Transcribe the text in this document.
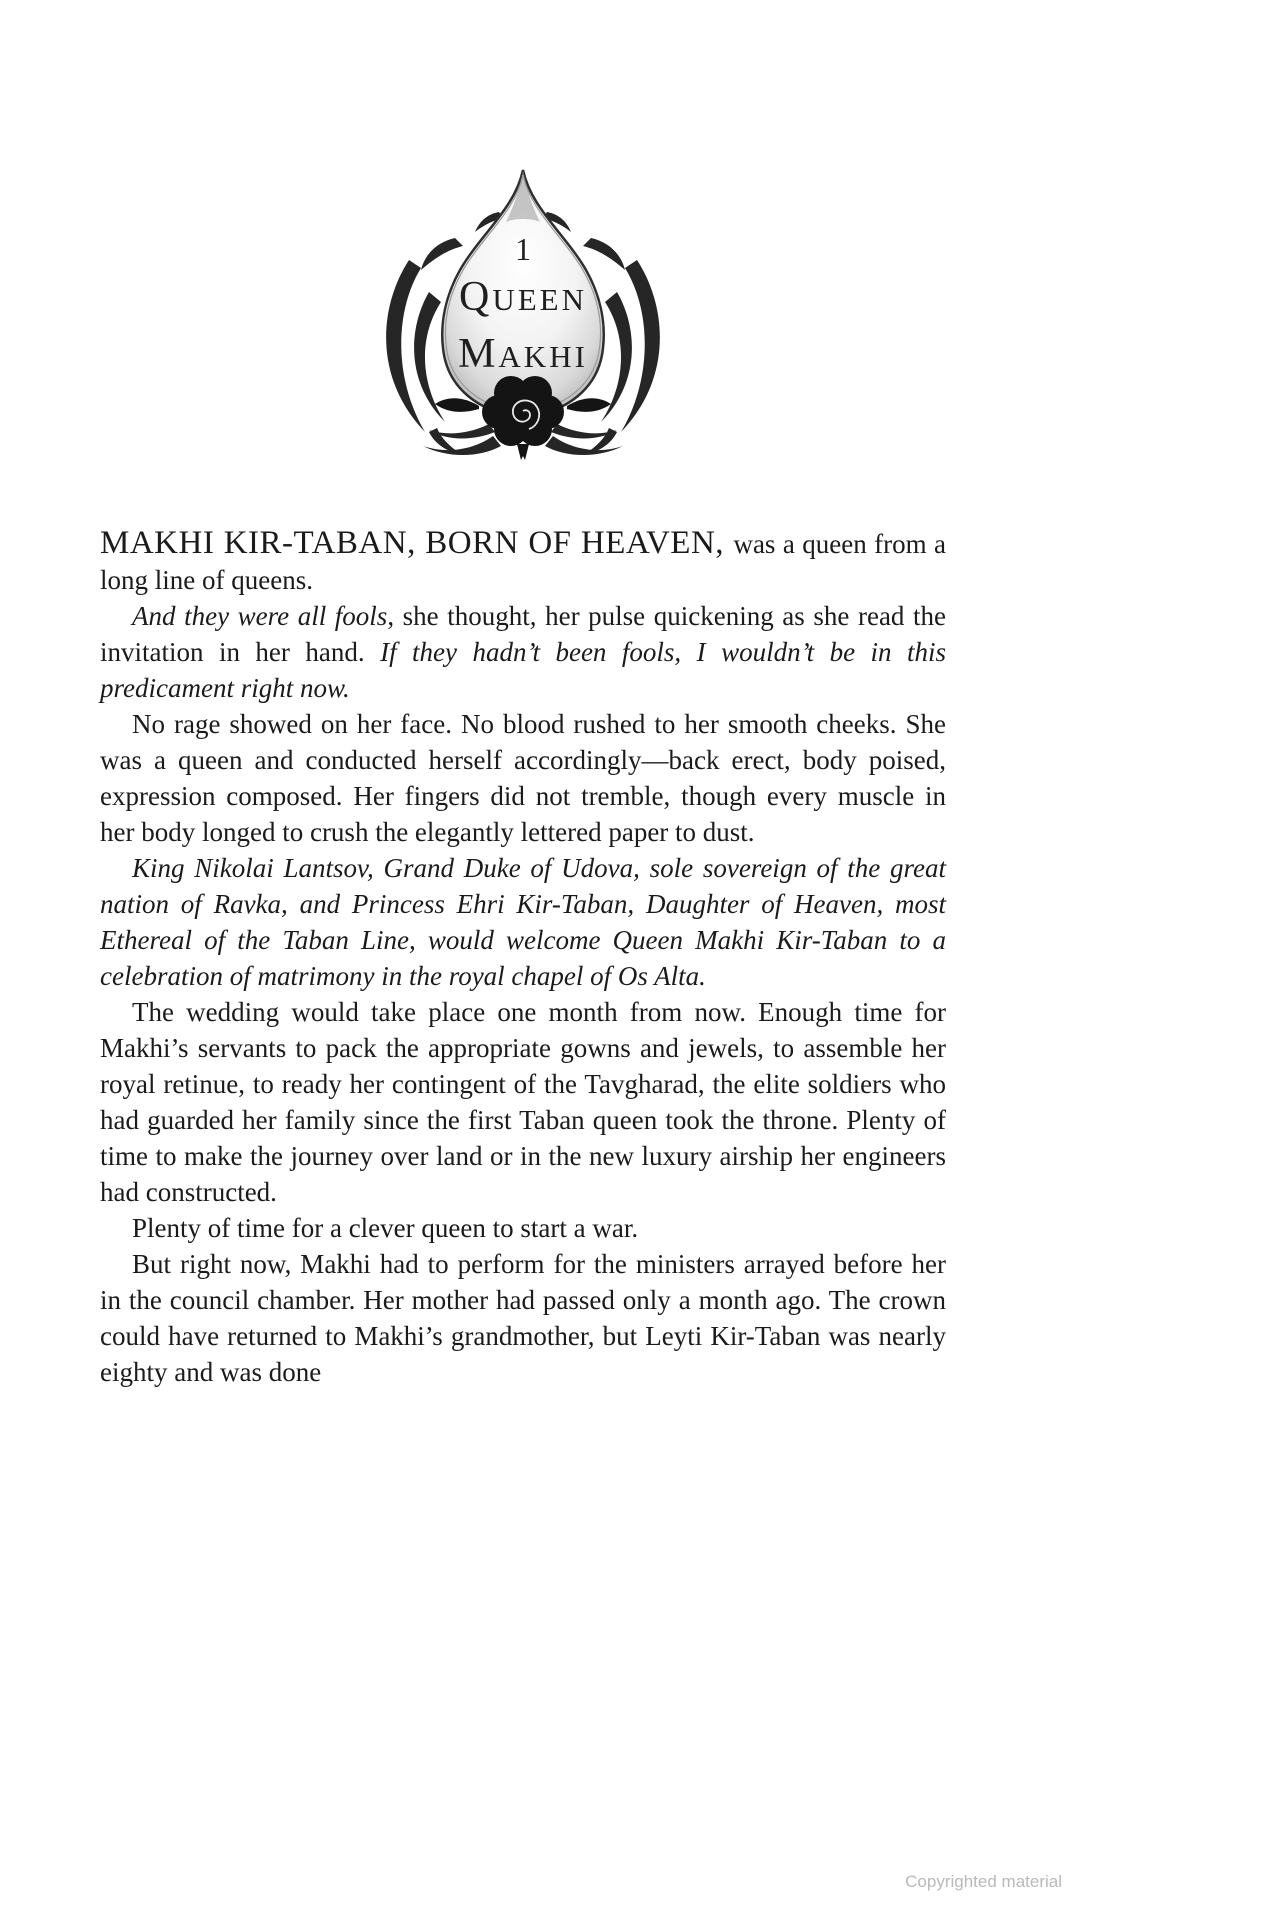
1
QUEEN
MAKHI

MAKHI KIR-TABAN, BORN OF HEAVEN, was a queen from a long line of queens.

And they were all fools, she thought, her pulse quickening as she read the invitation in her hand. If they hadn’t been fools, I wouldn’t be in this predicament right now.

No rage showed on her face. No blood rushed to her smooth cheeks. She was a queen and conducted herself accordingly—back erect, body poised, expression composed. Her fingers did not tremble, though every muscle in her body longed to crush the elegantly lettered paper to dust.

King Nikolai Lantsov, Grand Duke of Udova, sole sovereign of the great nation of Ravka, and Princess Ehri Kir-Taban, Daughter of Heaven, most Ethereal of the Taban Line, would welcome Queen Makhi Kir-Taban to a celebration of matrimony in the royal chapel of Os Alta.

The wedding would take place one month from now. Enough time for Makhi’s servants to pack the appropriate gowns and jewels, to assemble her royal retinue, to ready her contingent of the Tavgharad, the elite soldiers who had guarded her family since the first Taban queen took the throne. Plenty of time to make the journey over land or in the new luxury airship her engineers had constructed.

Plenty of time for a clever queen to start a war.

But right now, Makhi had to perform for the ministers arrayed before her in the council chamber. Her mother had passed only a month ago. The crown could have returned to Makhi’s grandmother, but Leyti Kir-Taban was nearly eighty and was done

Copyrighted material
